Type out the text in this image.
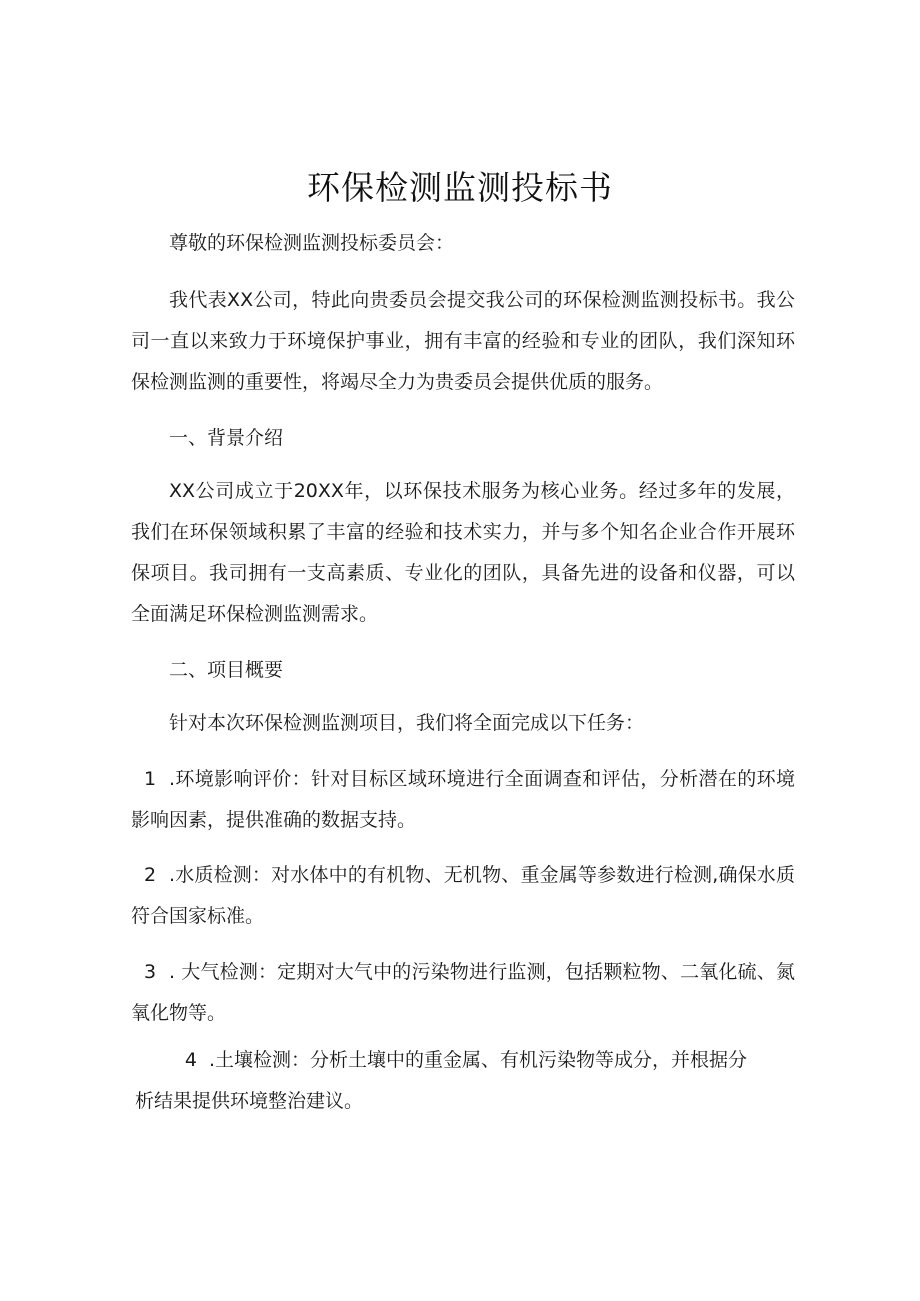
环保检测监测投标书

尊敬的环保检测监测投标委员会：

我代表XX公司，特此向贵委员会提交我公司的环保检测监测投标书。我公司一直以来致力于环境保护事业，拥有丰富的经验和专业的团队，我们深知环保检测监测的重要性，将竭尽全力为贵委员会提供优质的服务。

一、背景介绍

XX公司成立于20XX年，以环保技术服务为核心业务。经过多年的发展，我们在环保领域积累了丰富的经验和技术实力，并与多个知名企业合作开展环保项目。我司拥有一支高素质、专业化的团队，具备先进的设备和仪器，可以全面满足环保检测监测需求。

二、项目概要

针对本次环保检测监测项目，我们将全面完成以下任务：

1 .环境影响评价：针对目标区域环境进行全面调查和评估，分析潜在的环境影响因素，提供准确的数据支持。

2 .水质检测：对水体中的有机物、无机物、重金属等参数进行检测,确保水质符合国家标准。

3 . 大气检测：定期对大气中的污染物进行监测，包括颗粒物、二氧化硫、氮氧化物等。

4 .土壤检测：分析土壤中的重金属、有机污染物等成分，并根据分
析结果提供环境整治建议。
